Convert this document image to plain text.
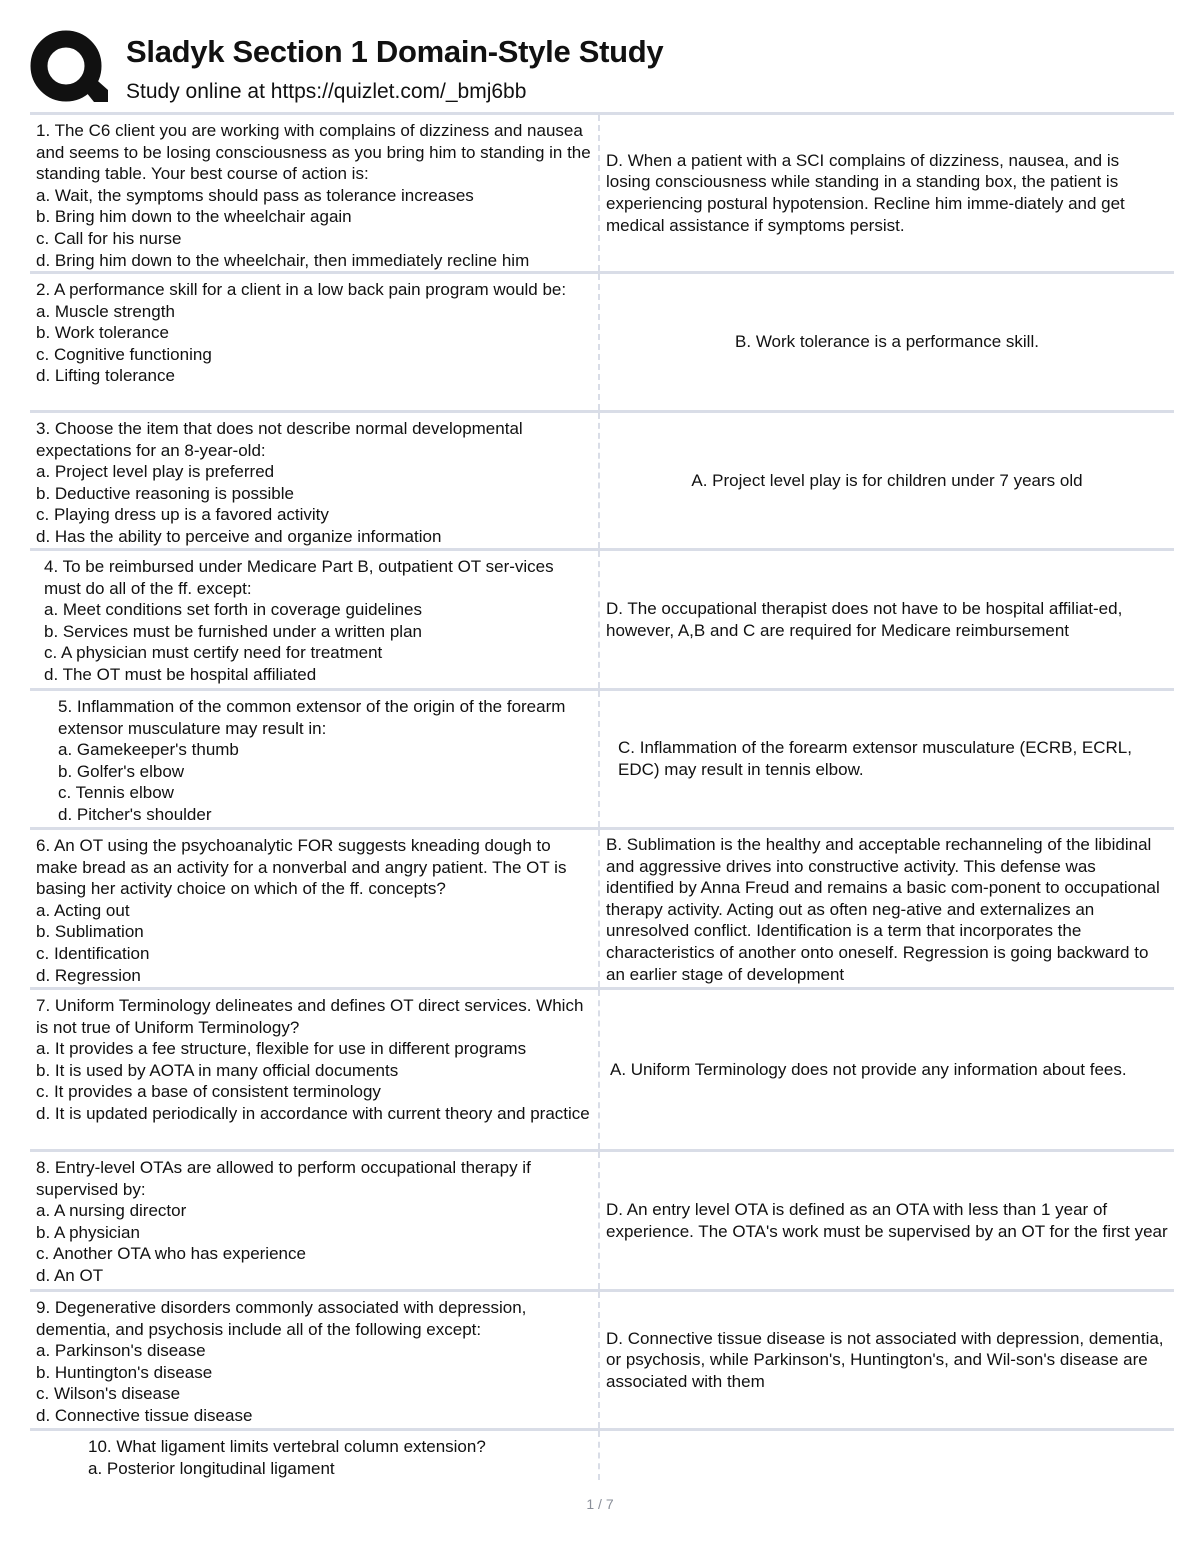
Sladyk Section 1 Domain-Style Study
Study online at https://quizlet.com/_bmj6bb
1. The C6 client you are working with complains of dizziness and nausea and seems to be losing consciousness as you bring him to standing in the standing table. Your best course of action is:
a. Wait, the symptoms should pass as tolerance increases
b. Bring him down to the wheelchair again
c. Call for his nurse
d. Bring him down to the wheelchair, then immediately recline him
D. When a patient with a SCI complains of dizziness, nausea, and is losing consciousness while standing in a standing box, the patient is experiencing postural hypotension. Recline him imme-diately and get medical assistance if symptoms persist.
2. A performance skill for a client in a low back pain program would be:
a. Muscle strength
b. Work tolerance
c. Cognitive functioning
d. Lifting tolerance
B. Work tolerance is a performance skill.
3. Choose the item that does not describe normal developmental expectations for an 8-year-old:
a. Project level play is preferred
b. Deductive reasoning is possible
c. Playing dress up is a favored activity
d. Has the ability to perceive and organize information
A. Project level play is for children under 7 years old
4. To be reimbursed under Medicare Part B, outpatient OT ser-vices must do all of the ff. except:
a. Meet conditions set forth in coverage guidelines
b. Services must be furnished under a written plan
c. A physician must certify need for treatment
d. The OT must be hospital affiliated
D. The occupational therapist does not have to be hospital affiliat-ed, however, A,B and C are required for Medicare reimbursement
5. Inflammation of the common extensor of the origin of the forearm extensor musculature may result in:
a. Gamekeeper's thumb
b. Golfer's elbow
c. Tennis elbow
d. Pitcher's shoulder
C. Inflammation of the forearm extensor musculature (ECRB, ECRL, EDC) may result in tennis elbow.
6. An OT using the psychoanalytic FOR suggests kneading dough to make bread as an activity for a nonverbal and angry patient. The OT is basing her activity choice on which of the ff. concepts?
a. Acting out
b. Sublimation
c. Identification
d. Regression
B. Sublimation is the healthy and acceptable rechanneling of the libidinal and aggressive drives into constructive activity. This defense was identified by Anna Freud and remains a basic com-ponent to occupational therapy activity. Acting out as often neg-ative and externalizes an unresolved conflict. Identification is a term that incorporates the characteristics of another onto oneself. Regression is going backward to an earlier stage of development
7. Uniform Terminology delineates and defines OT direct services. Which is not true of Uniform Terminology?
a. It provides a fee structure, flexible for use in different programs
b. It is used by AOTA in many official documents
c. It provides a base of consistent terminology
d. It is updated periodically in accordance with current theory and practice
A. Uniform Terminology does not provide any information about fees.
8. Entry-level OTAs are allowed to perform occupational therapy if supervised by:
a. A nursing director
b. A physician
c. Another OTA who has experience
d. An OT
D. An entry level OTA is defined as an OTA with less than 1 year of experience. The OTA's work must be supervised by an OT for the first year
9. Degenerative disorders commonly associated with depression, dementia, and psychosis include all of the following except:
a. Parkinson's disease
b. Huntington's disease
c. Wilson's disease
d. Connective tissue disease
D. Connective tissue disease is not associated with depression, dementia, or psychosis, while Parkinson's, Huntington's, and Wil-son's disease are associated with them
10. What ligament limits vertebral column extension?
a. Posterior longitudinal ligament
1 / 7
